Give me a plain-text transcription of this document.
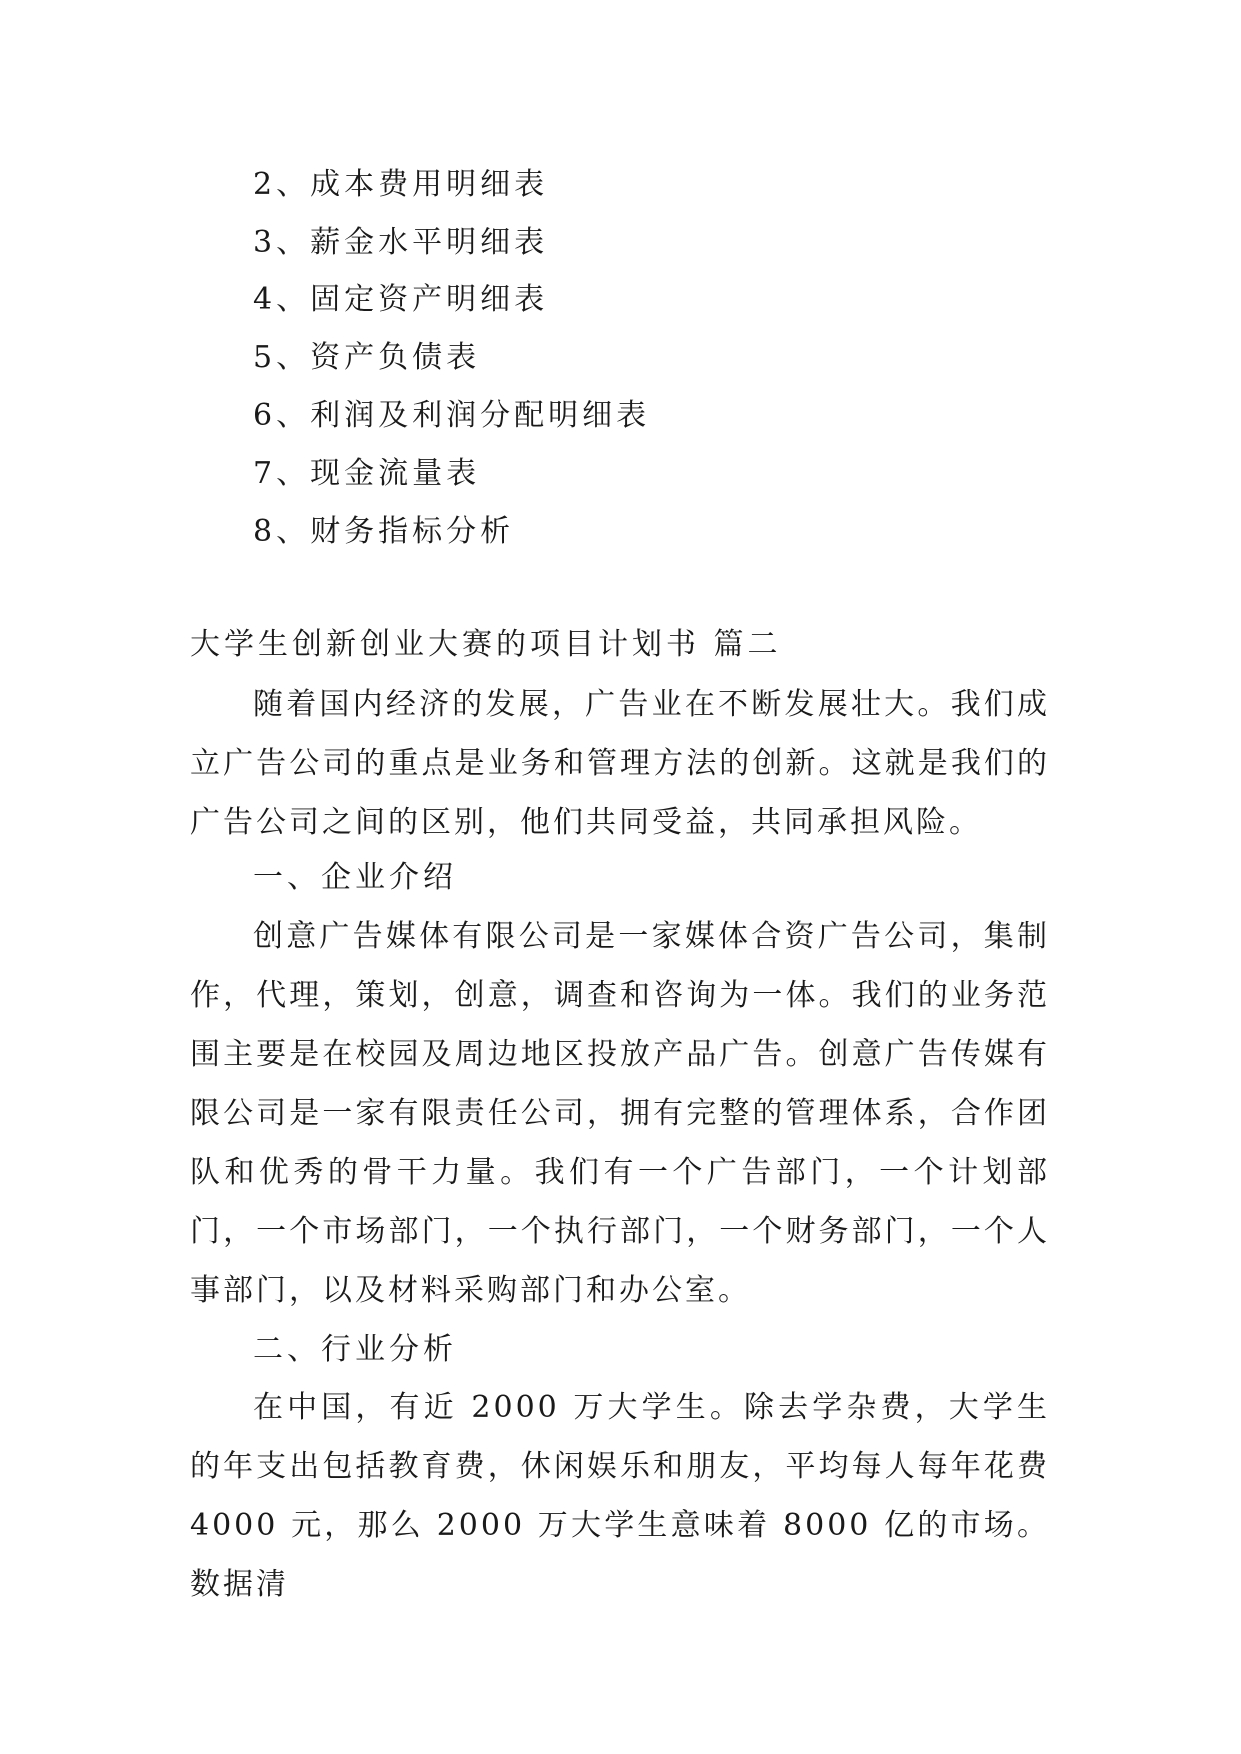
2、成本费用明细表
3、薪金水平明细表
4、固定资产明细表
5、资产负债表
6、利润及利润分配明细表
7、现金流量表
8、财务指标分析
大学生创新创业大赛的项目计划书 篇二

随着国内经济的发展，广告业在不断发展壮大。我们成立广告公司的重点是业务和管理方法的创新。这就是我们的广告公司之间的区别，他们共同受益，共同承担风险。

一、企业介绍

创意广告媒体有限公司是一家媒体合资广告公司，集制作，代理，策划，创意，调查和咨询为一体。我们的业务范围主要是在校园及周边地区投放产品广告。创意广告传媒有限公司是一家有限责任公司，拥有完整的管理体系，合作团队和优秀的骨干力量。我们有一个广告部门，一个计划部门，一个市场部门，一个执行部门，一个财务部门，一个人事部门，以及材料采购部门和办公室。

二、行业分析

在中国，有近 2000 万大学生。除去学杂费，大学生的年支出包括教育费，休闲娱乐和朋友，平均每人每年花费 4000 元，那么 2000 万大学生意味着 8000 亿的市场。数据清
